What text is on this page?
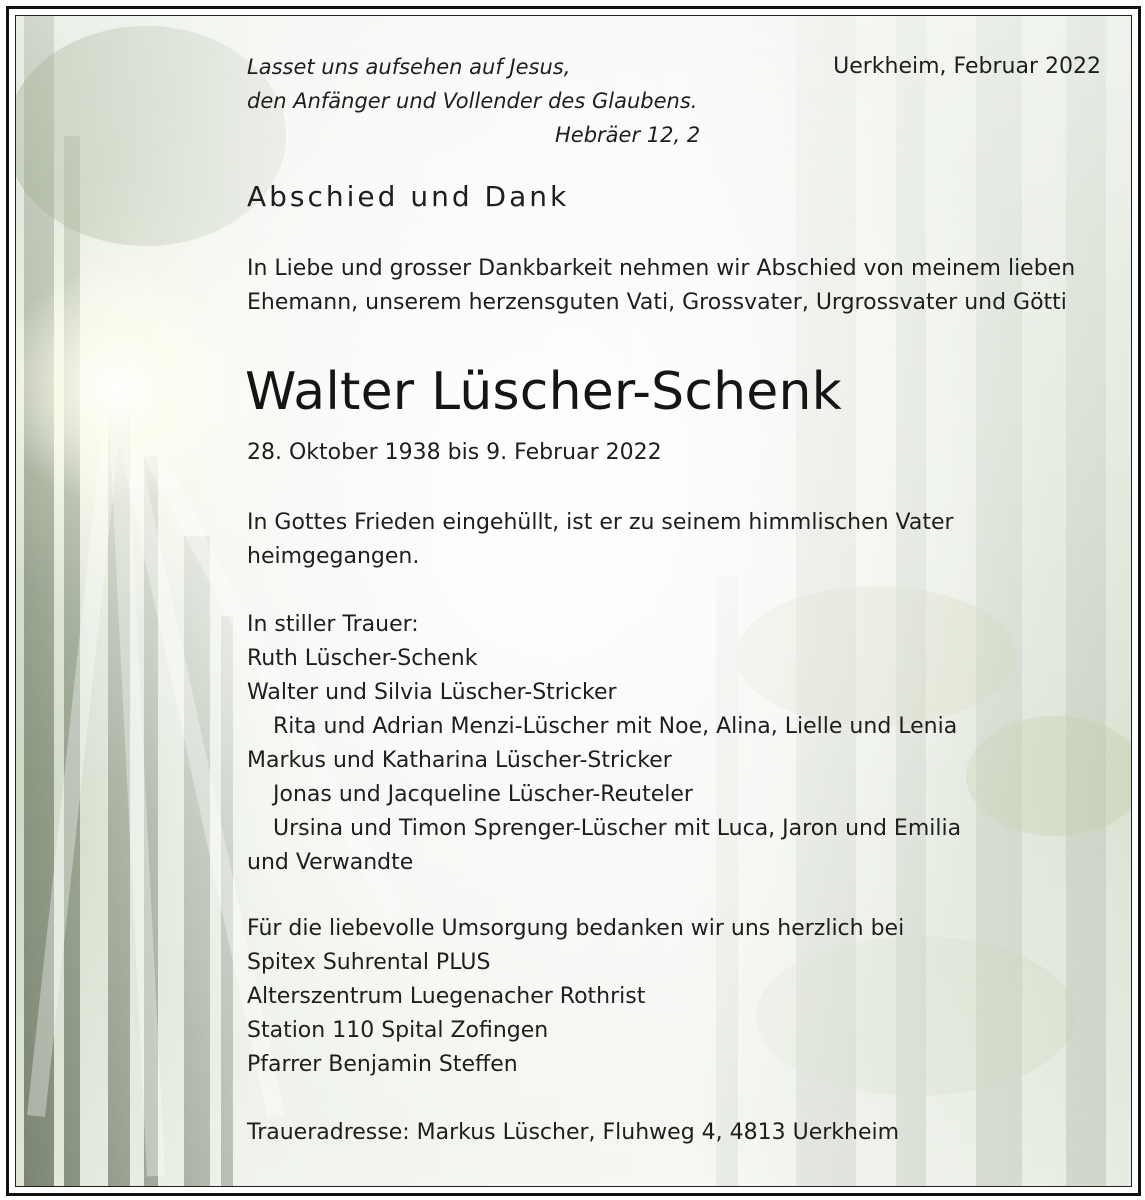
Lasset uns aufsehen auf Jesus,
den Anfänger und Vollender des Glaubens.
Hebräer 12, 2
Uerkheim, Februar 2022
Abschied und Dank
In Liebe und grosser Dankbarkeit nehmen wir Abschied von meinem lieben
Ehemann, unserem herzensguten Vati, Grossvater, Urgrossvater und Götti
Walter Lüscher-Schenk
28. Oktober 1938 bis 9. Februar 2022
In Gottes Frieden eingehüllt, ist er zu seinem himmlischen Vater
heimgegangen.
In stiller Trauer:
Ruth Lüscher-Schenk
Walter und Silvia Lüscher-Stricker
Rita und Adrian Menzi-Lüscher mit Noe, Alina, Lielle und Lenia
Markus und Katharina Lüscher-Stricker
Jonas und Jacqueline Lüscher-Reuteler
Ursina und Timon Sprenger-Lüscher mit Luca, Jaron und Emilia
und Verwandte
Für die liebevolle Umsorgung bedanken wir uns herzlich bei
Spitex Suhrental PLUS
Alterszentrum Luegenacher Rothrist
Station 110 Spital Zofingen
Pfarrer Benjamin Steffen
Traueradresse: Markus Lüscher, Fluhweg 4, 4813 Uerkheim
